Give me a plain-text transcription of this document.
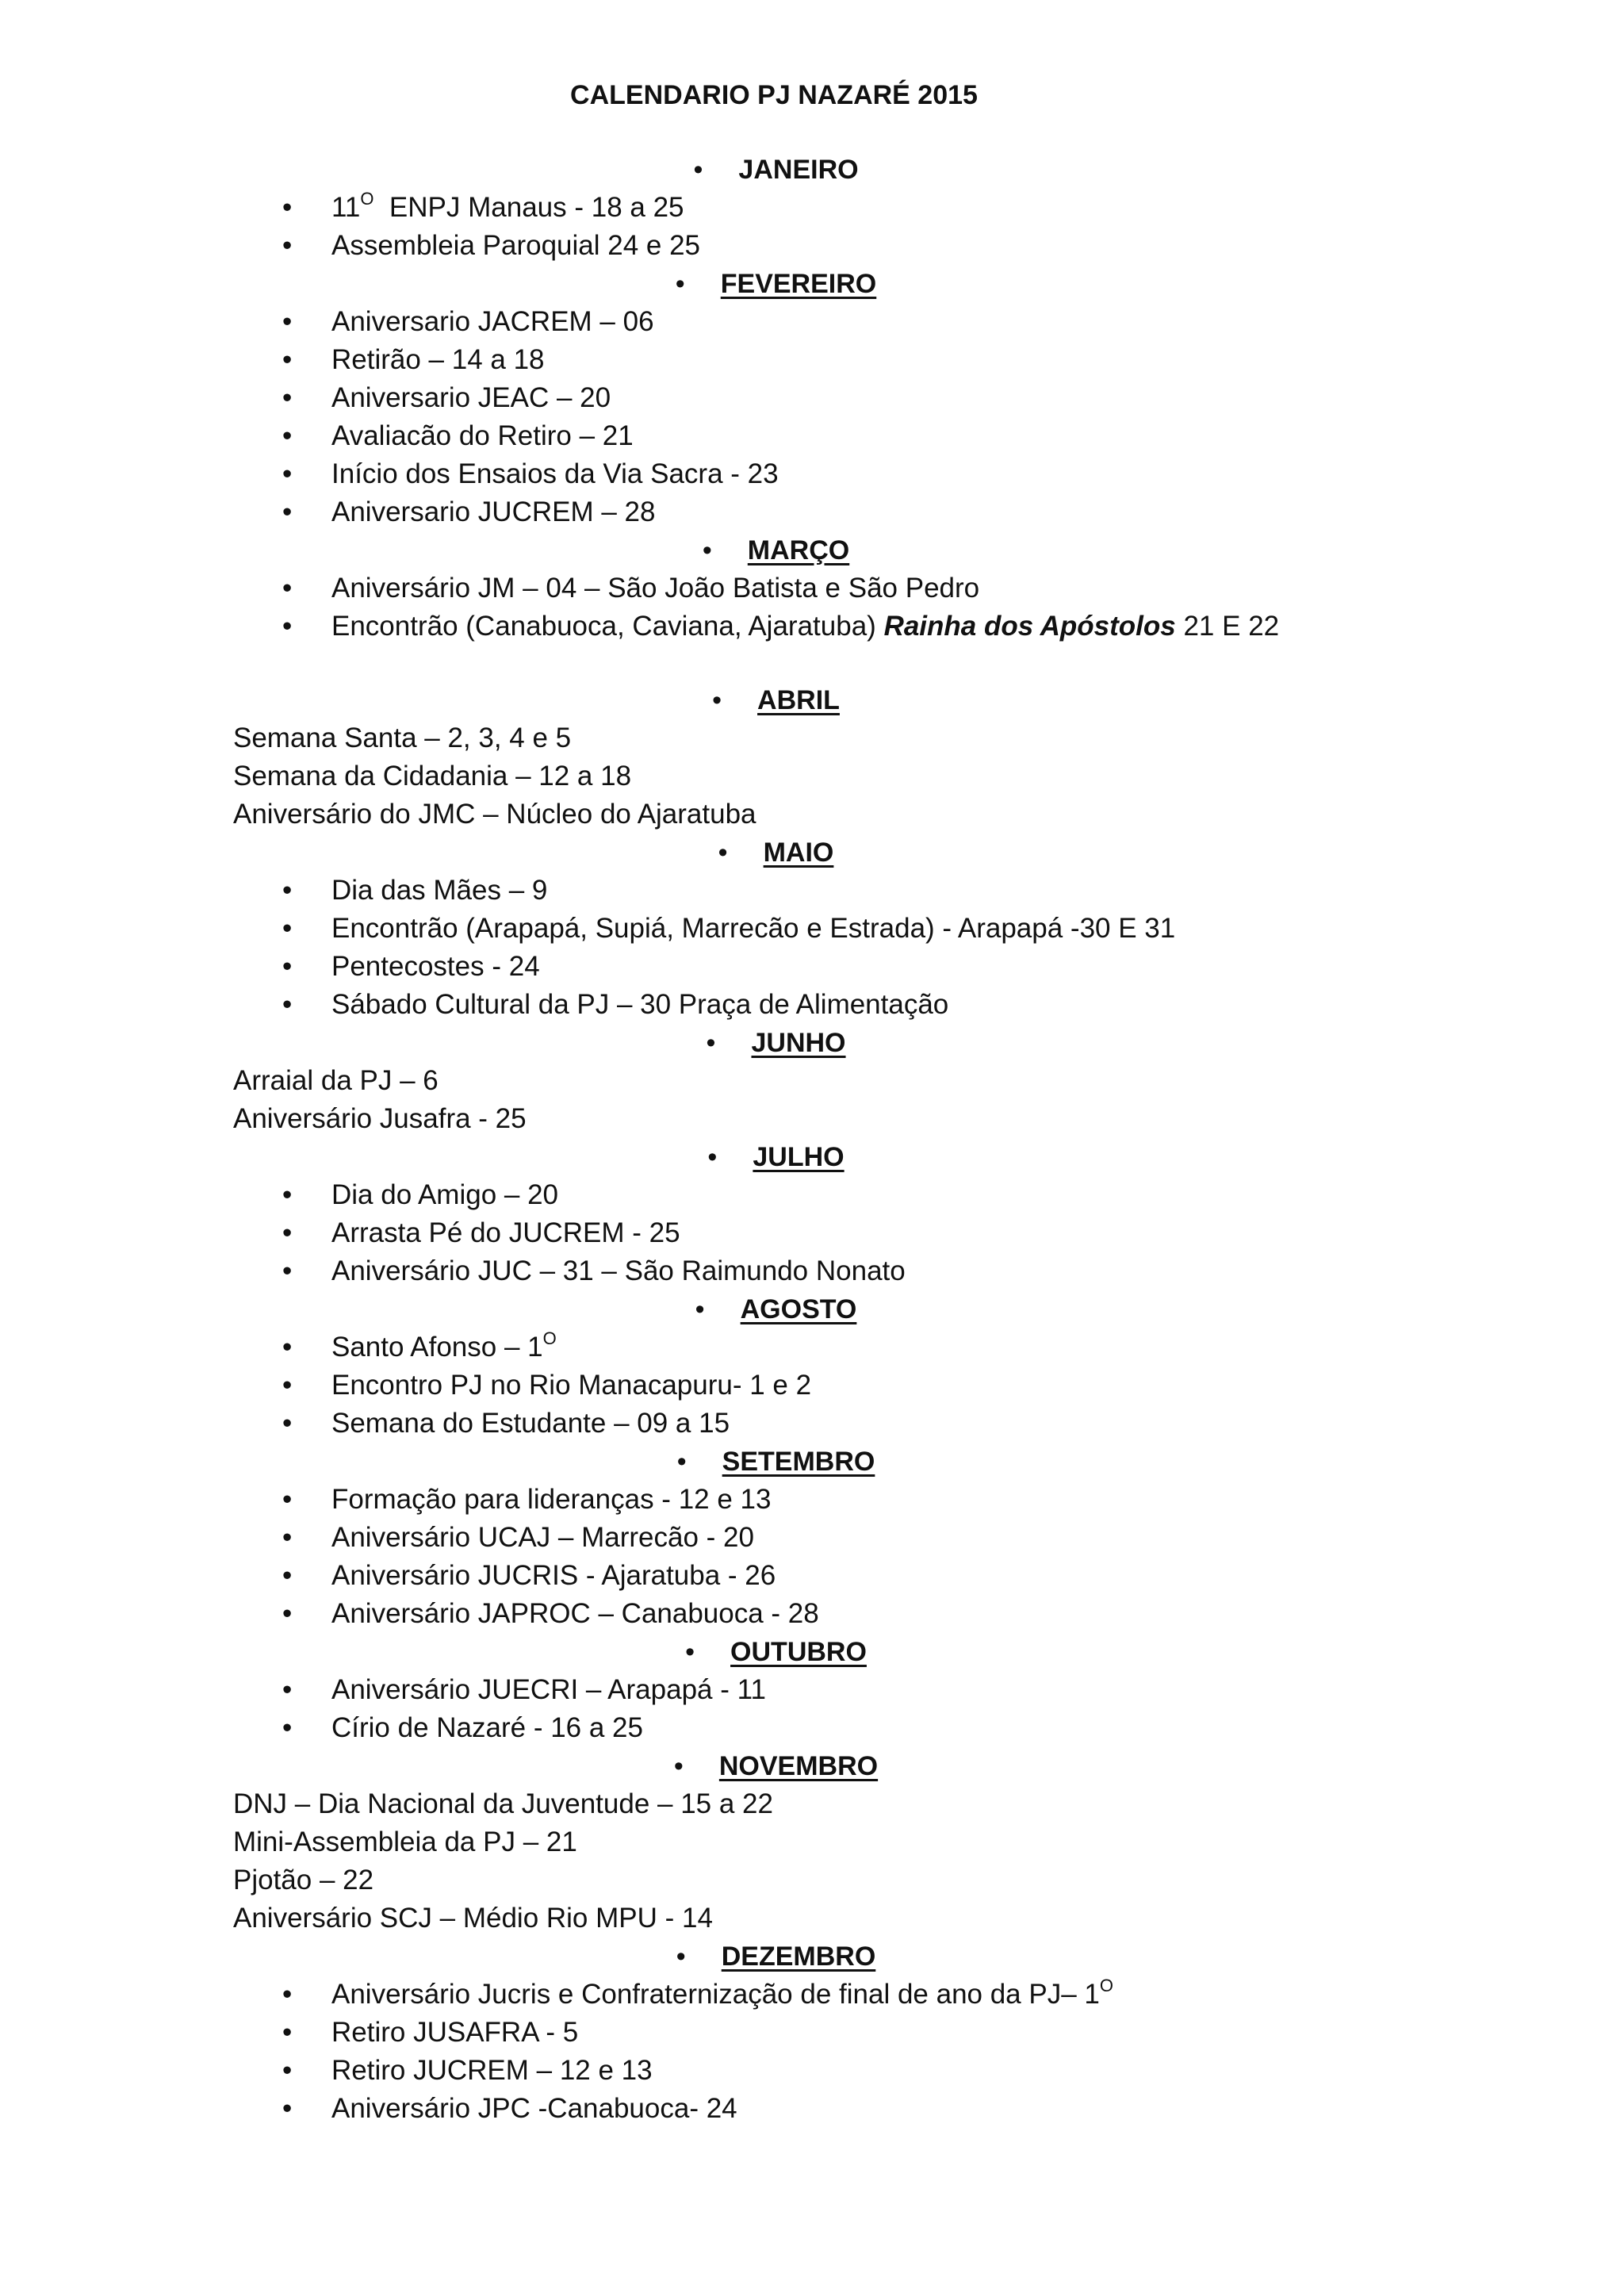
CALENDARIO PJ NAZARÉ 2015
• JANEIRO
• $11^O$ ENPJ Manaus - 18 a 25
• Assembleia Paroquial 24 e 25
• FEVEREIRO
• Aniversario JACREM – 06
• Retirão – 14 a 18
• Aniversario JEAC – 20
• Avaliacão do Retiro – 21
• Início dos Ensaios da Via Sacra - 23
• Aniversario JUCREM – 28
• MARÇO
• Aniversário JM – 04 – São João Batista e São Pedro
• Encontrão (Canabuoca, Caviana, Ajaratuba) Rainha dos Apóstolos 21 E 22
• ABRIL
Semana Santa – 2, 3, 4 e 5
Semana da Cidadania – 12 a 18
Aniversário do JMC – Núcleo do Ajaratuba
• MAIO
• Dia das Mães – 9
• Encontrão (Arapapá, Supiá, Marrecão e Estrada) - Arapapá -30 E 31
• Pentecostes - 24
• Sábado Cultural da PJ – 30 Praça de Alimentação
• JUNHO
Arraial da PJ – 6
Aniversário Jusafra - 25
• JULHO
• Dia do Amigo – 20
• Arrasta Pé do JUCREM - 25
• Aniversário JUC – 31 – São Raimundo Nonato
• AGOSTO
• Santo Afonso – $1^O$
• Encontro PJ no Rio Manacapuru- 1 e 2
• Semana do Estudante – 09 a 15
• SETEMBRO
• Formação para lideranças - 12 e 13
• Aniversário UCAJ – Marrecão - 20
• Aniversário JUCRIS - Ajaratuba - 26
• Aniversário JAPROC – Canabuoca - 28
• OUTUBRO
• Aniversário JUECRI – Arapapá - 11
• Círio de Nazaré - 16 a 25
• NOVEMBRO
DNJ – Dia Nacional da Juventude – 15 a 22
Mini-Assembleia da PJ – 21
Pjotão – 22
Aniversário SCJ – Médio Rio MPU - 14
• DEZEMBRO
• Aniversário Jucris e Confraternização de final de ano da PJ– $1^O$
• Retiro JUSAFRA - 5
• Retiro JUCREM – 12 e 13
• Aniversário JPC -Canabuoca- 24
